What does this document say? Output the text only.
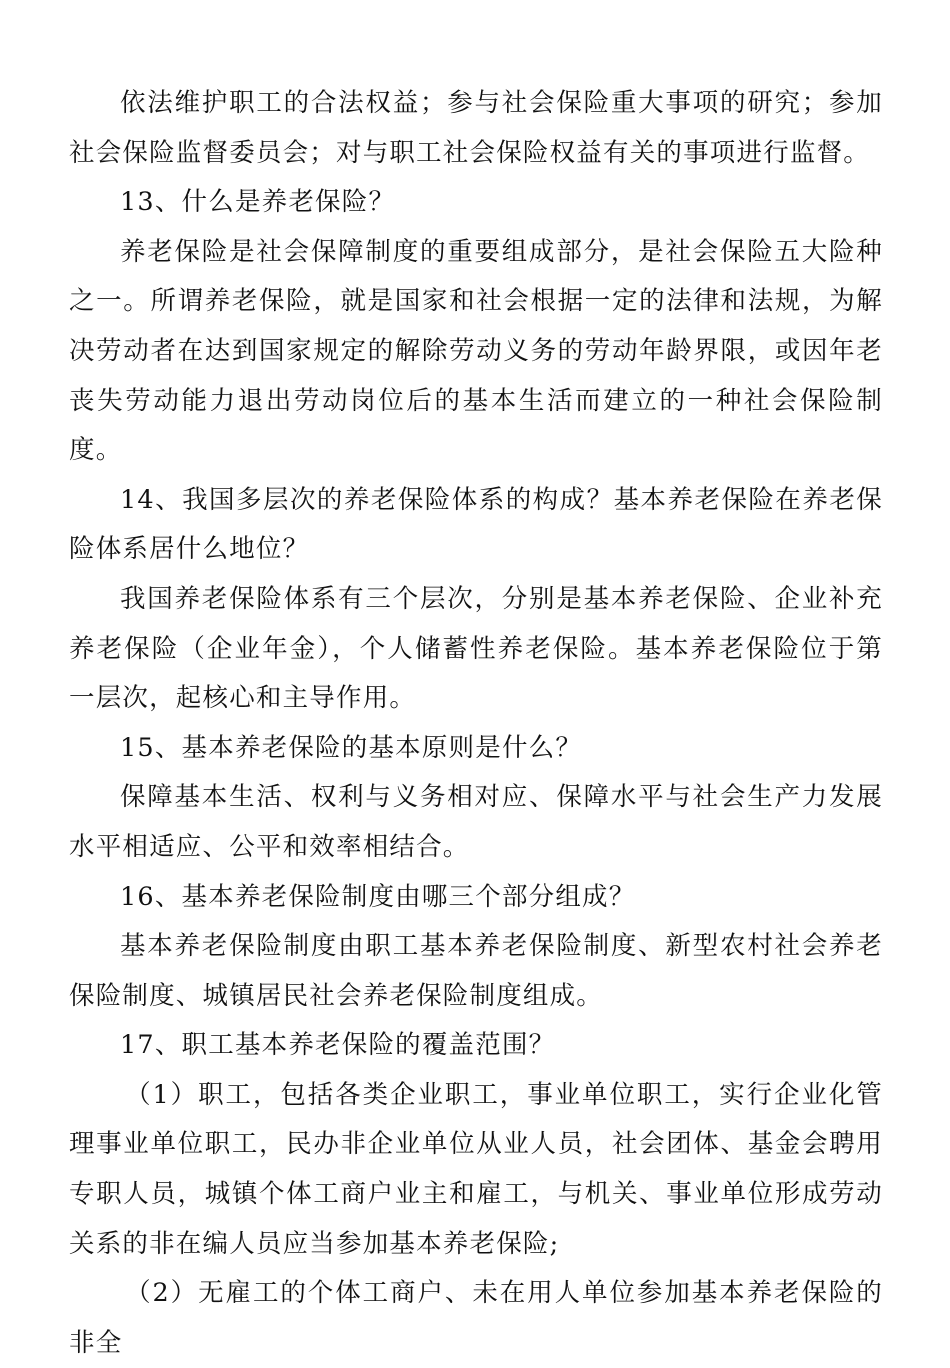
依法维护职工的合法权益；参与社会保险重大事项的研究；参加社会保险监督委员会；对与职工社会保险权益有关的事项进行监督。

13、什么是养老保险？

养老保险是社会保障制度的重要组成部分，是社会保险五大险种之一。所谓养老保险，就是国家和社会根据一定的法律和法规，为解决劳动者在达到国家规定的解除劳动义务的劳动年龄界限，或因年老丧失劳动能力退出劳动岗位后的基本生活而建立的一种社会保险制度。

14、我国多层次的养老保险体系的构成？基本养老保险在养老保险体系居什么地位？

我国养老保险体系有三个层次，分别是基本养老保险、企业补充养老保险（企业年金），个人储蓄性养老保险。基本养老保险位于第一层次，起核心和主导作用。

15、基本养老保险的基本原则是什么？

保障基本生活、权利与义务相对应、保障水平与社会生产力发展水平相适应、公平和效率相结合。

16、基本养老保险制度由哪三个部分组成？

基本养老保险制度由职工基本养老保险制度、新型农村社会养老保险制度、城镇居民社会养老保险制度组成。

17、职工基本养老保险的覆盖范围？

（1）职工，包括各类企业职工，事业单位职工，实行企业化管理事业单位职工，民办非企业单位从业人员，社会团体、基金会聘用专职人员，城镇个体工商户业主和雇工，与机关、事业单位形成劳动关系的非在编人员应当参加基本养老保险;

（2）无雇工的个体工商户、未在用人单位参加基本养老保险的非全
